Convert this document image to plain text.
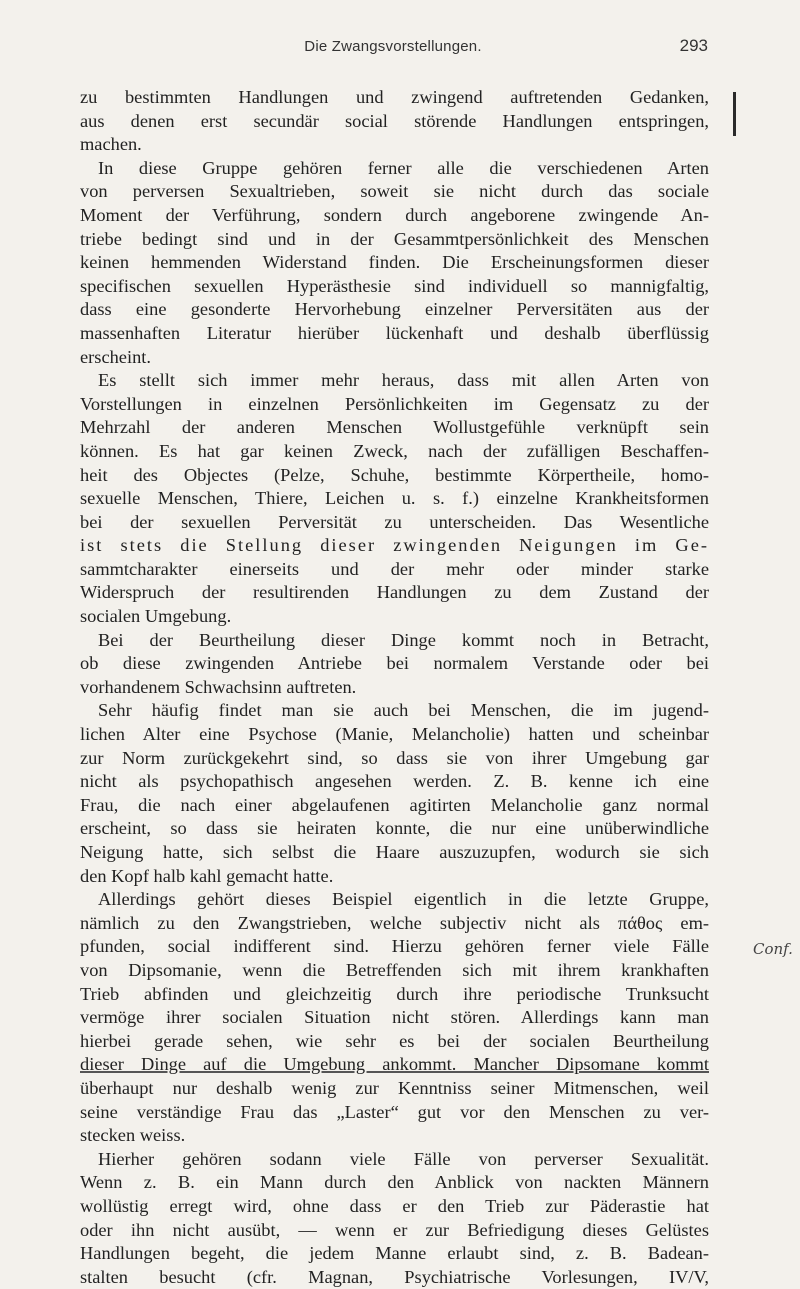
Die Zwangsvorstellungen.	293
Conf.
zu bestimmten Handlungen und zwingend auftretenden Gedanken,
aus denen erst secundär social störende Handlungen entspringen,
machen.
In diese Gruppe gehören ferner alle die verschiedenen Arten
von perversen Sexualtrieben, soweit sie nicht durch das sociale
Moment der Verführung, sondern durch angeborene zwingende An-
triebe bedingt sind und in der Gesammtpersönlichkeit des Menschen
keinen hemmenden Widerstand finden. Die Erscheinungsformen dieser
specifischen sexuellen Hyperästhesie sind individuell so mannigfaltig,
dass eine gesonderte Hervorhebung einzelner Perversitäten aus der
massenhaften Literatur hierüber lückenhaft und deshalb überflüssig
erscheint.
Es stellt sich immer mehr heraus, dass mit allen Arten von
Vorstellungen in einzelnen Persönlichkeiten im Gegensatz zu der
Mehrzahl der anderen Menschen Wollustgefühle verknüpft sein
können. Es hat gar keinen Zweck, nach der zufälligen Beschaffen-
heit des Objectes (Pelze, Schuhe, bestimmte Körpertheile, homo-
sexuelle Menschen, Thiere, Leichen u. s. f.) einzelne Krankheitsformen
bei der sexuellen Perversität zu unterscheiden. Das Wesentliche
ist stets die Stellung dieser zwingenden Neigungen im Ge-
sammtcharakter einerseits und der mehr oder minder starke
Widerspruch der resultirenden Handlungen zu dem Zustand der
socialen Umgebung.
Bei der Beurtheilung dieser Dinge kommt noch in Betracht,
ob diese zwingenden Antriebe bei normalem Verstande oder bei
vorhandenem Schwachsinn auftreten.
Sehr häufig findet man sie auch bei Menschen, die im jugend-
lichen Alter eine Psychose (Manie, Melancholie) hatten und scheinbar
zur Norm zurückgekehrt sind, so dass sie von ihrer Umgebung gar
nicht als psychopathisch angesehen werden. Z. B. kenne ich eine
Frau, die nach einer abgelaufenen agitirten Melancholie ganz normal
erscheint, so dass sie heiraten konnte, die nur eine unüberwindliche
Neigung hatte, sich selbst die Haare auszuzupfen, wodurch sie sich
den Kopf halb kahl gemacht hatte.
Allerdings gehört dieses Beispiel eigentlich in die letzte Gruppe,
nämlich zu den Zwangstrieben, welche subjectiv nicht als πάθος em-
pfunden, social indifferent sind. Hierzu gehören ferner viele Fälle
von Dipsomanie, wenn die Betreffenden sich mit ihrem krankhaften
Trieb abfinden und gleichzeitig durch ihre periodische Trunksucht
vermöge ihrer socialen Situation nicht stören. Allerdings kann man
hierbei gerade sehen, wie sehr es bei der socialen Beurtheilung
dieser Dinge auf die Umgebung ankommt. Mancher Dipsomane kommt
überhaupt nur deshalb wenig zur Kenntniss seiner Mitmenschen, weil
seine verständige Frau das „Laster“ gut vor den Menschen zu ver-
stecken weiss.
Hierher gehören sodann viele Fälle von perverser Sexualität.
Wenn z. B. ein Mann durch den Anblick von nackten Männern
wollüstig erregt wird, ohne dass er den Trieb zur Päderastie hat
oder ihn nicht ausübt, — wenn er zur Befriedigung dieses Gelüstes
Handlungen begeht, die jedem Manne erlaubt sind, z. B. Badean-
stalten besucht (cfr. Magnan, Psychiatrische Vorlesungen, IV/V,
